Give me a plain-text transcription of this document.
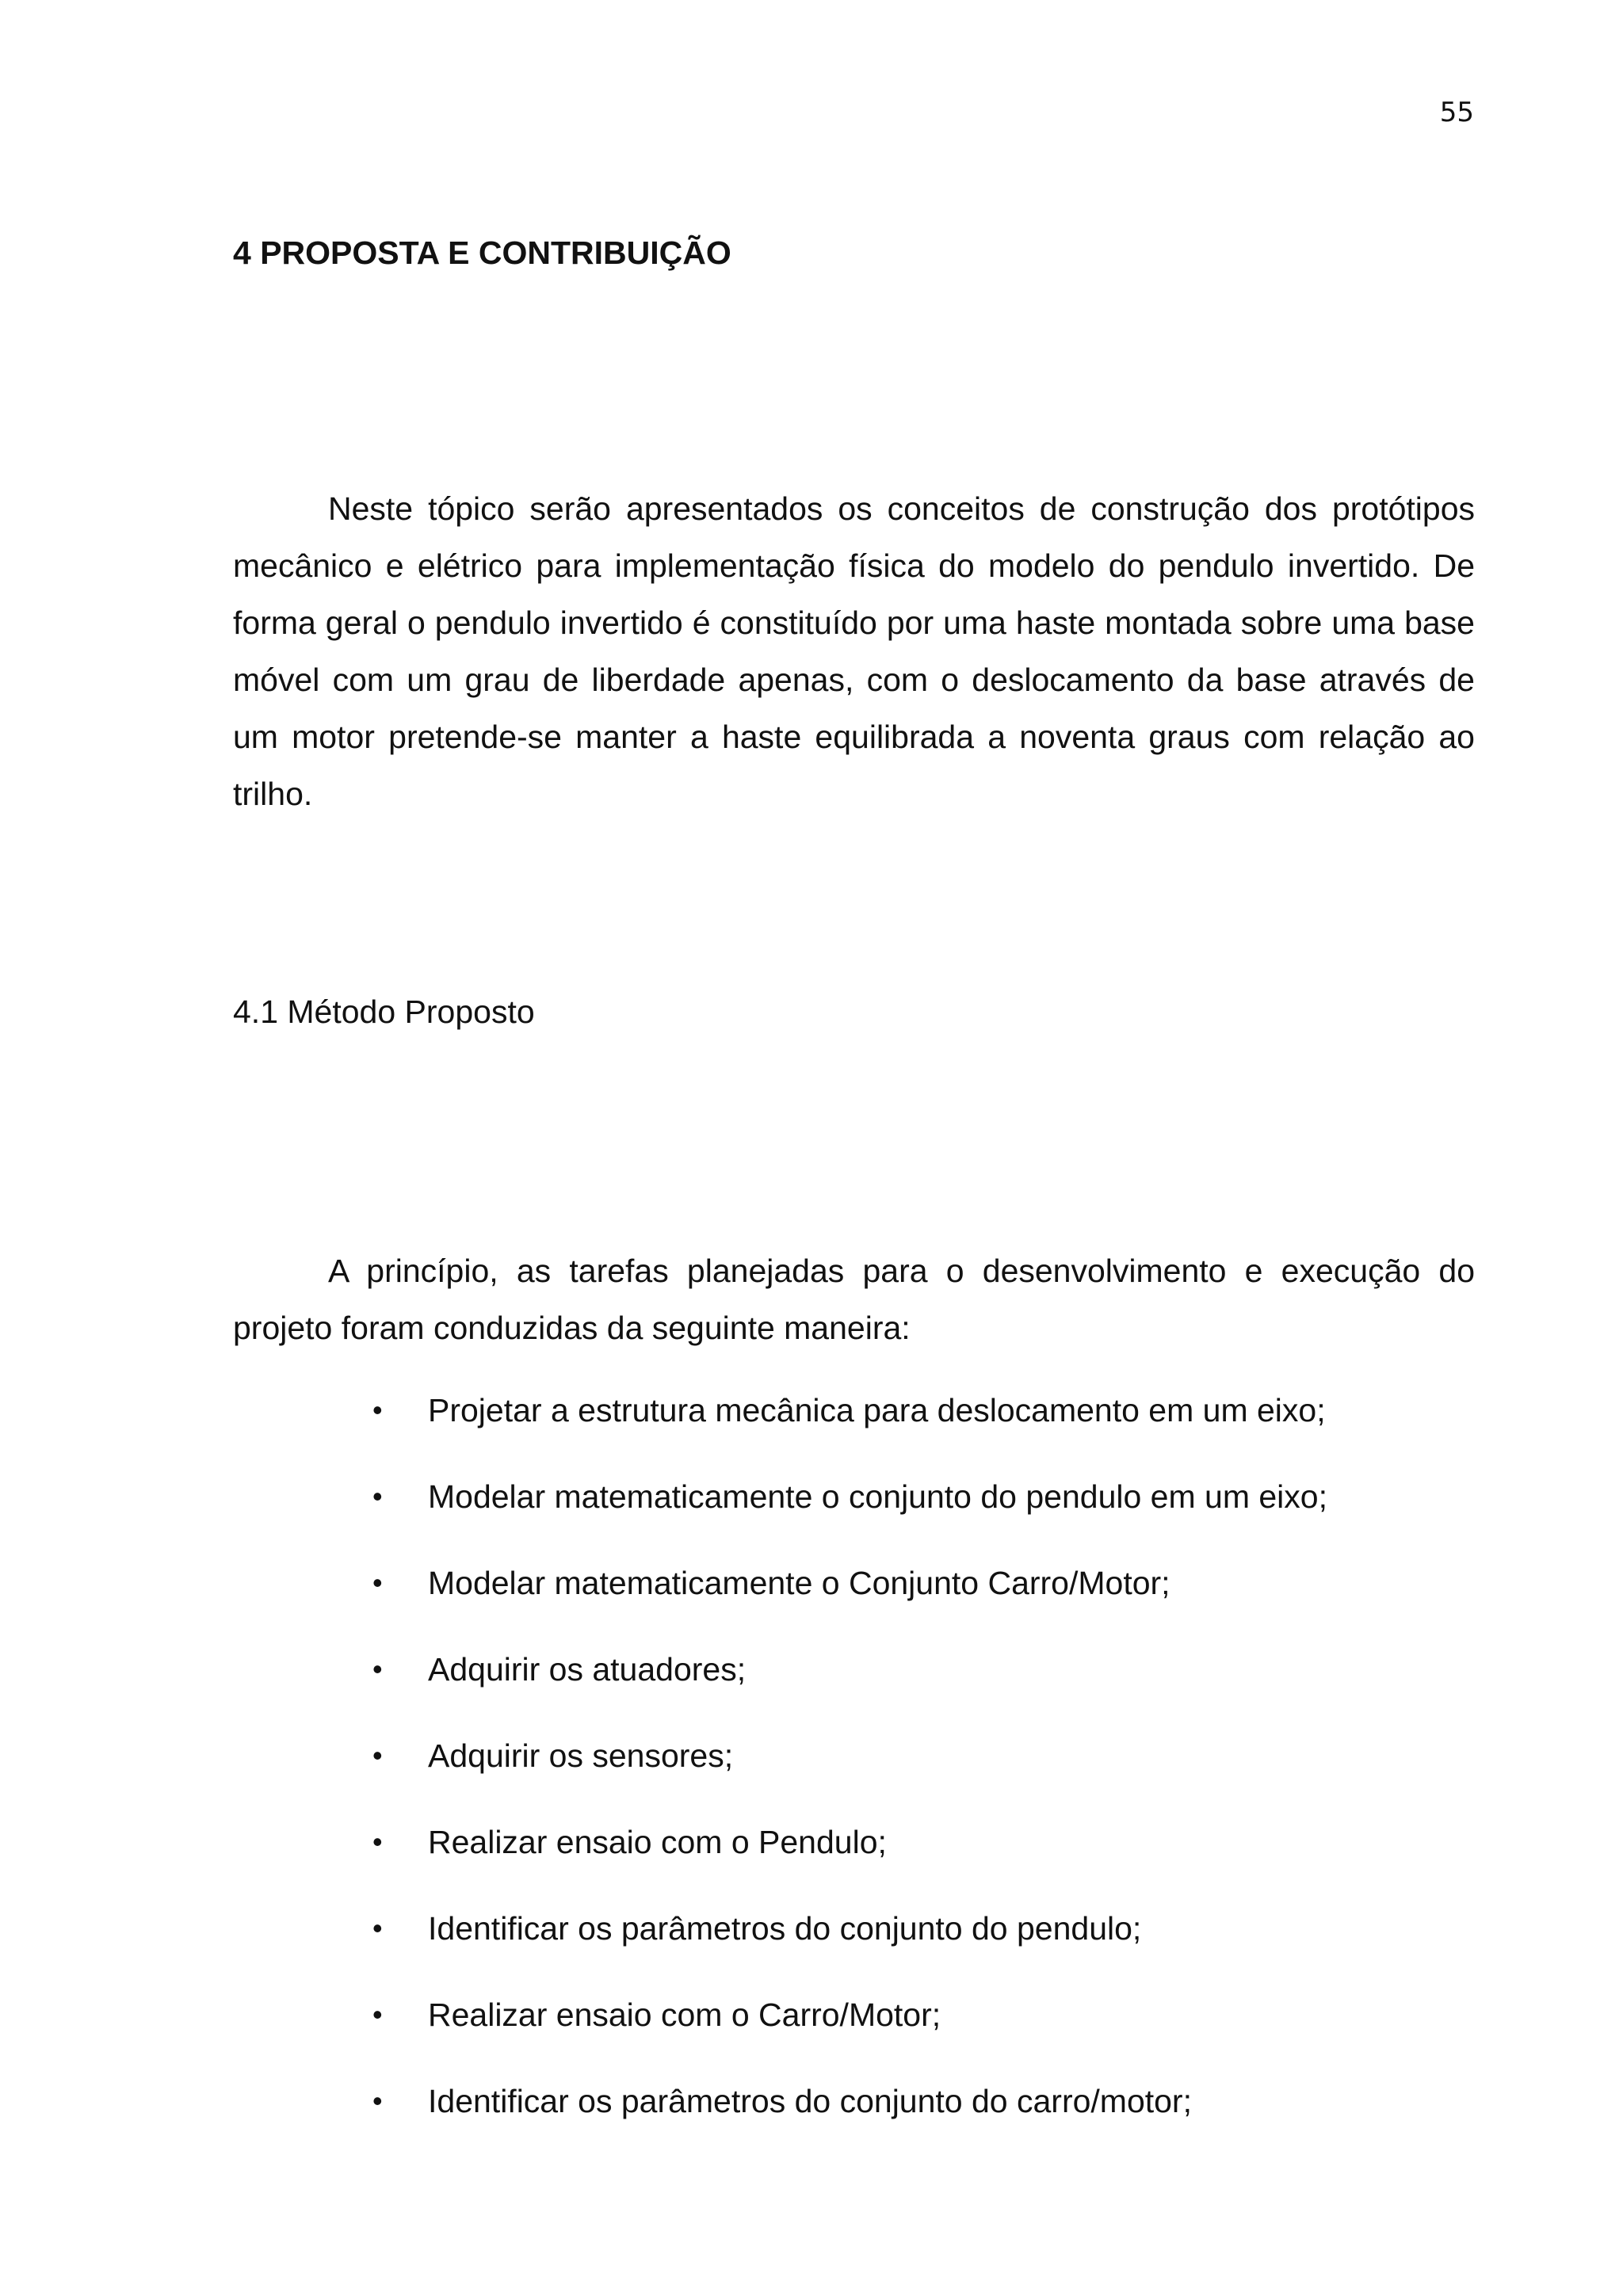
55
4 PROPOSTA E CONTRIBUIÇÃO

Neste tópico serão apresentados os conceitos de construção dos protótipos mecânico e elétrico para implementação física do modelo do pendulo invertido. De forma geral o pendulo invertido é constituído por uma haste montada sobre uma base móvel com um grau de liberdade apenas, com o deslocamento da base através de um motor pretende-se manter a haste equilibrada a noventa graus com relação ao trilho.

4.1 Método Proposto

A princípio, as tarefas planejadas para o desenvolvimento e execução do projeto foram conduzidas da seguinte maneira:

• Projetar a estrutura mecânica para deslocamento em um eixo;
• Modelar matematicamente o conjunto do pendulo em um eixo;
• Modelar matematicamente o Conjunto Carro/Motor;
• Adquirir os atuadores;
• Adquirir os sensores;
• Realizar ensaio com o Pendulo;
• Identificar os parâmetros do conjunto do pendulo;
• Realizar ensaio com o Carro/Motor;
• Identificar os parâmetros do conjunto do carro/motor;
